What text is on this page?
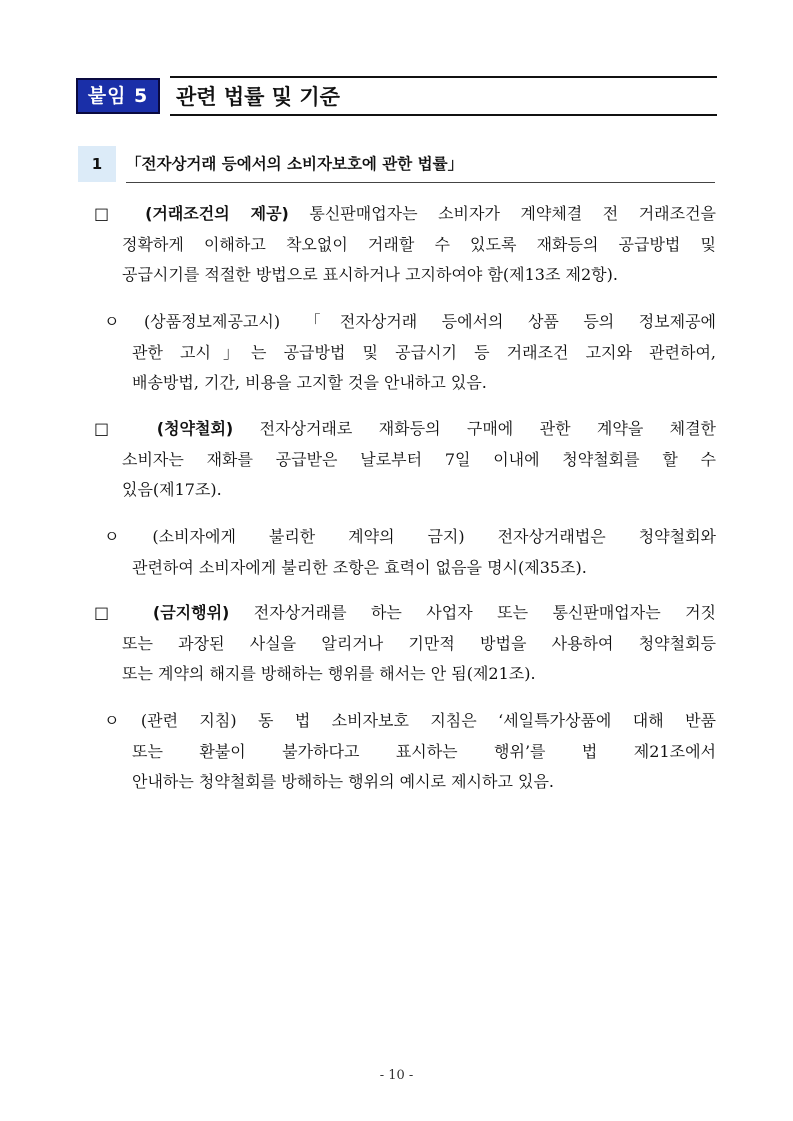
붙임 5	관련 법률 및 기준
1	「전자상거래 등에서의 소비자보호에 관한 법률」
□ (거래조건의 제공) 통신판매업자는 소비자가 계약체결 전 거래조건을
정확하게 이해하고 착오없이 거래할 수 있도록 재화등의 공급방법 및
공급시기를 적절한 방법으로 표시하거나 고지하여야 함(제13조 제2항).
ㅇ (상품정보제공고시) 「전자상거래 등에서의 상품 등의 정보제공에
관한 고시」는 공급방법 및 공급시기 등 거래조건 고지와 관련하여,
배송방법, 기간, 비용을 고지할 것을 안내하고 있음.
□ (청약철회) 전자상거래로 재화등의 구매에 관한 계약을 체결한
소비자는 재화를 공급받은 날로부터 7일 이내에 청약철회를 할 수
있음(제17조).
ㅇ (소비자에게 불리한 계약의 금지) 전자상거래법은 청약철회와
관련하여 소비자에게 불리한 조항은 효력이 없음을 명시(제35조).
□ (금지행위) 전자상거래를 하는 사업자 또는 통신판매업자는 거짓
또는 과장된 사실을 알리거나 기만적 방법을 사용하여 청약철회등
또는 계약의 해지를 방해하는 행위를 해서는 안 됨(제21조).
ㅇ (관련 지침) 동 법 소비자보호 지침은 ‘세일특가상품에 대해 반품
또는 환불이 불가하다고 표시하는 행위’를 법 제21조에서
안내하는 청약철회를 방해하는 행위의 예시로 제시하고 있음.
- 10 -
